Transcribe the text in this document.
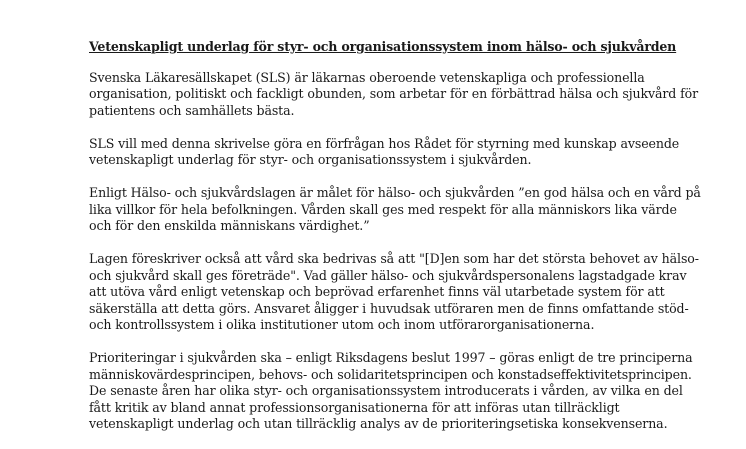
Vetenskapligt underlag för styr- och organisationssystem inom hälso- och sjukvården
Svenska Läkaresällskapet (SLS) är läkarnas oberoende vetenskapliga och professionella
organisation, politiskt och fackligt obunden, som arbetar för en förbättrad hälsa och sjukvård för
patientens och samhällets bästa.
SLS vill med denna skrivelse göra en förfrågan hos Rådet för styrning med kunskap avseende
vetenskapligt underlag för styr- och organisationssystem i sjukvården.
Enligt Hälso- och sjukvårdslagen är målet för hälso- och sjukvården ”en god hälsa och en vård på
lika villkor för hela befolkningen. Vården skall ges med respekt för alla människors lika värde
och för den enskilda människans värdighet.”
Lagen föreskriver också att vård ska bedrivas så att "[D]en som har det största behovet av hälso-
och sjukvård skall ges företräde". Vad gäller hälso- och sjukvårdspersonalens lagstadgade krav
att utöva vård enligt vetenskap och beprövad erfarenhet finns väl utarbetade system för att
säkerställa att detta görs. Ansvaret åligger i huvudsak utföraren men de finns omfattande stöd-
och kontrollssystem i olika institutioner utom och inom utförarorganisationerna.
Prioriteringar i sjukvården ska – enligt Riksdagens beslut 1997 – göras enligt de tre principerna
människovärdesprincipen, behovs- och solidaritetsprincipen och konstadseffektivitetsprincipen.
De senaste åren har olika styr- och organisationssystem introducerats i vården, av vilka en del
fått kritik av bland annat professionsorganisationerna för att införas utan tillräckligt
vetenskapligt underlag och utan tillräcklig analys av de prioriteringsetiska konsekvenserna.
